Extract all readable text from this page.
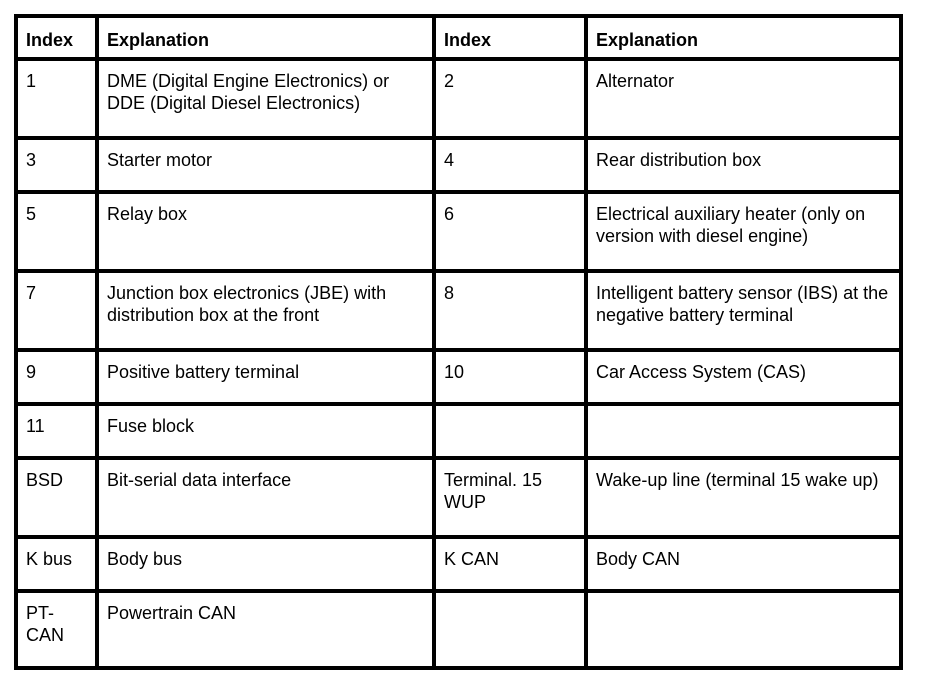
Index	Explanation	Index	Explanation
1	DME (Digital Engine Electronics) or DDE (Digital Diesel Electronics)	2	Alternator
3	Starter motor	4	Rear distribution box
5	Relay box	6	Electrical auxiliary heater (only on version with diesel engine)
7	Junction box electronics (JBE) with distribution box at the front	8	Intelligent battery sensor (IBS) at the negative battery terminal
9	Positive battery terminal	10	Car Access System (CAS)
11	Fuse block		
BSD	Bit-serial data interface	Terminal. 15 WUP	Wake-up line (terminal 15 wake up)
K bus	Body bus	K CAN	Body CAN
PT-CAN	Powertrain CAN		
